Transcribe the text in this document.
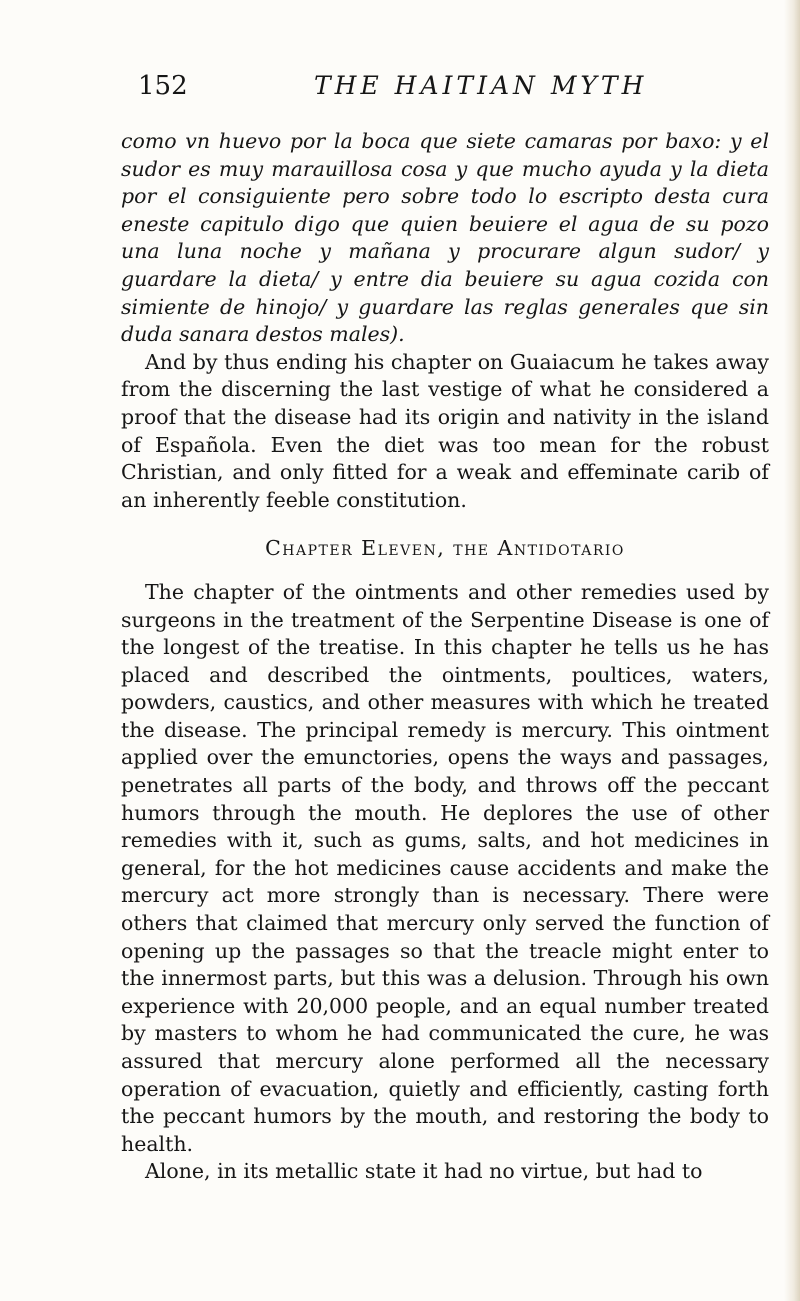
152	THE HAITIAN MYTH

como vn huevo por la boca que siete camaras por baxo: y el sudor es muy marauillosa cosa y que mucho ayuda y la dieta por el consiguiente pero sobre todo lo escripto desta cura eneste capitulo digo que quien beuiere el agua de su pozo una luna noche y mañana y procurare algun sudor/ y guardare la dieta/ y entre dia beuiere su agua cozida con simiente de hinojo/ y guardare las reglas generales que sin duda sanara destos males).

And by thus ending his chapter on Guaiacum he takes away from the discerning the last vestige of what he considered a proof that the disease had its origin and nativity in the island of Española. Even the diet was too mean for the robust Christian, and only fitted for a weak and effeminate carib of an inherently feeble constitution.

Chapter Eleven, the Antidotario

The chapter of the ointments and other remedies used by surgeons in the treatment of the Serpentine Disease is one of the longest of the treatise. In this chapter he tells us he has placed and described the ointments, poultices, waters, powders, caustics, and other measures with which he treated the disease. The principal remedy is mercury. This ointment applied over the emunctories, opens the ways and passages, penetrates all parts of the body, and throws off the peccant humors through the mouth. He deplores the use of other remedies with it, such as gums, salts, and hot medicines in general, for the hot medicines cause accidents and make the mercury act more strongly than is necessary. There were others that claimed that mercury only served the function of opening up the passages so that the treacle might enter to the innermost parts, but this was a delusion. Through his own experience with 20,000 people, and an equal number treated by masters to whom he had communicated the cure, he was assured that mercury alone performed all the necessary operation of evacuation, quietly and efficiently, casting forth the peccant humors by the mouth, and restoring the body to health.

Alone, in its metallic state it had no virtue, but had to
